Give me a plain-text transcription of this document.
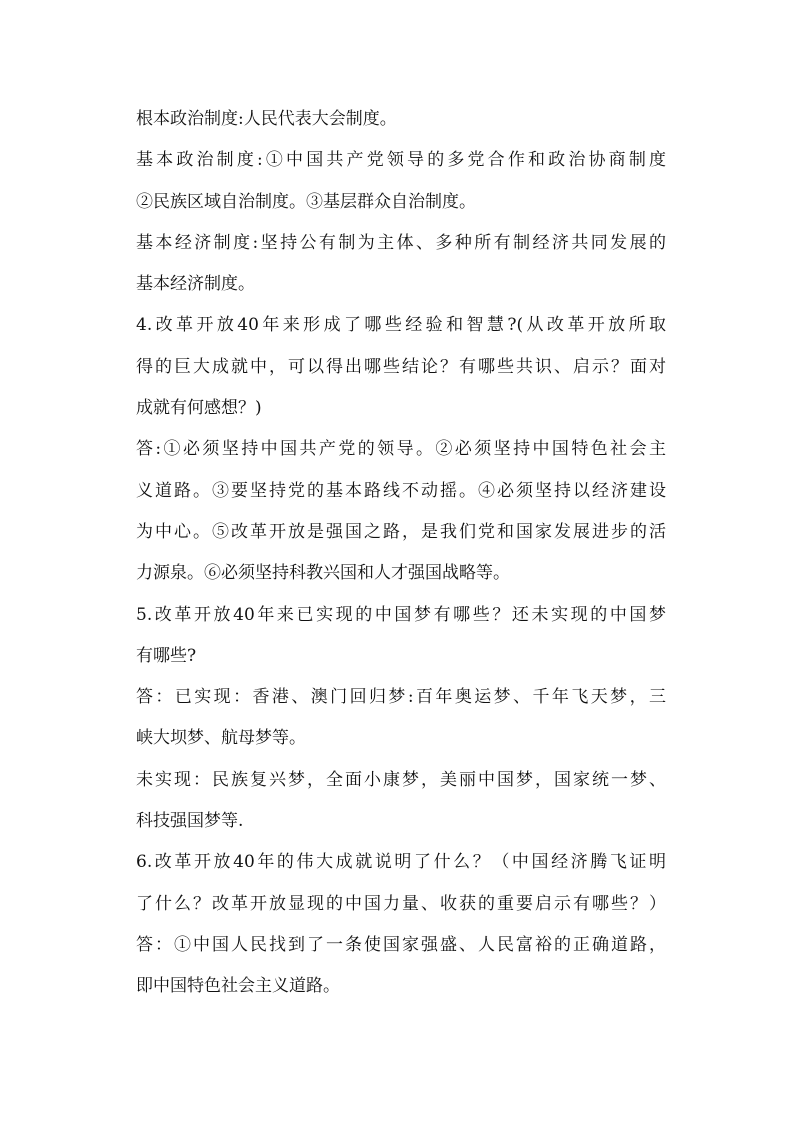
根本政治制度:人民代表大会制度。
基本政治制度:①中国共产党领导的多党合作和政治协商制度
②民族区域自治制度。③基层群众自治制度。
基本经济制度:坚持公有制为主体、多种所有制经济共同发展的
基本经济制度。
4.改革开放40年来形成了哪些经验和智慧?(从改革开放所取
得的巨大成就中，可以得出哪些结论？有哪些共识、启示？面对
成就有何感想？)
答:①必须坚持中国共产党的领导。②必须坚持中国特色社会主
义道路。③要坚持党的基本路线不动摇。④必须坚持以经济建设
为中心。⑤改革开放是强国之路，是我们党和国家发展进步的活
力源泉。⑥必须坚持科教兴国和人才强国战略等。
5.改革开放40年来已实现的中国梦有哪些？还未实现的中国梦
有哪些?
答：已实现：香港、澳门回归梦:百年奥运梦、千年飞天梦，三
峡大坝梦、航母梦等。
未实现：民族复兴梦，全面小康梦，美丽中国梦，国家统一梦、
科技强国梦等.
6.改革开放40年的伟大成就说明了什么？（中国经济腾飞证明
了什么？改革开放显现的中国力量、收获的重要启示有哪些？）
答：①中国人民找到了一条使国家强盛、人民富裕的正确道路，
即中国特色社会主义道路。
